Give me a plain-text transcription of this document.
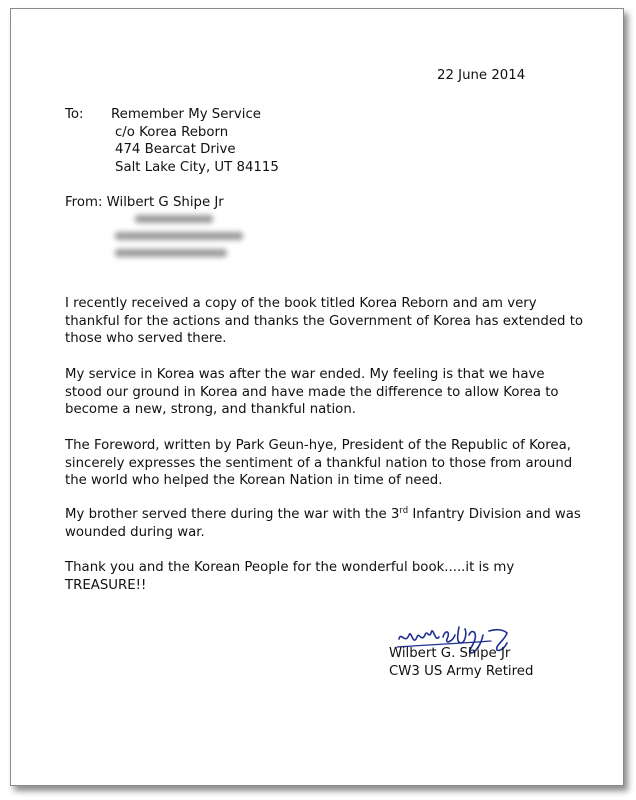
22 June 2014
To: Remember My Service
c/o Korea Reborn
474 Bearcat Drive
Salt Lake City, UT 84115
From: Wilbert G Shipe Jr
I recently received a copy of the book titled Korea Reborn and am very thankful for the actions and thanks the Government of Korea has extended to those who served there.
My service in Korea was after the war ended. My feeling is that we have stood our ground in Korea and have made the difference to allow Korea to become a new, strong, and thankful nation.
The Foreword, written by Park Geun-hye, President of the Republic of Korea, sincerely expresses the sentiment of a thankful nation to those from around the world who helped the Korean Nation in time of need.
My brother served there during the war with the 3rd Infantry Division and was wounded during war.
Thank you and the Korean People for the wonderful book.....it is my TREASURE!!
Wilbert G. Shipe Jr
CW3 US Army Retired
